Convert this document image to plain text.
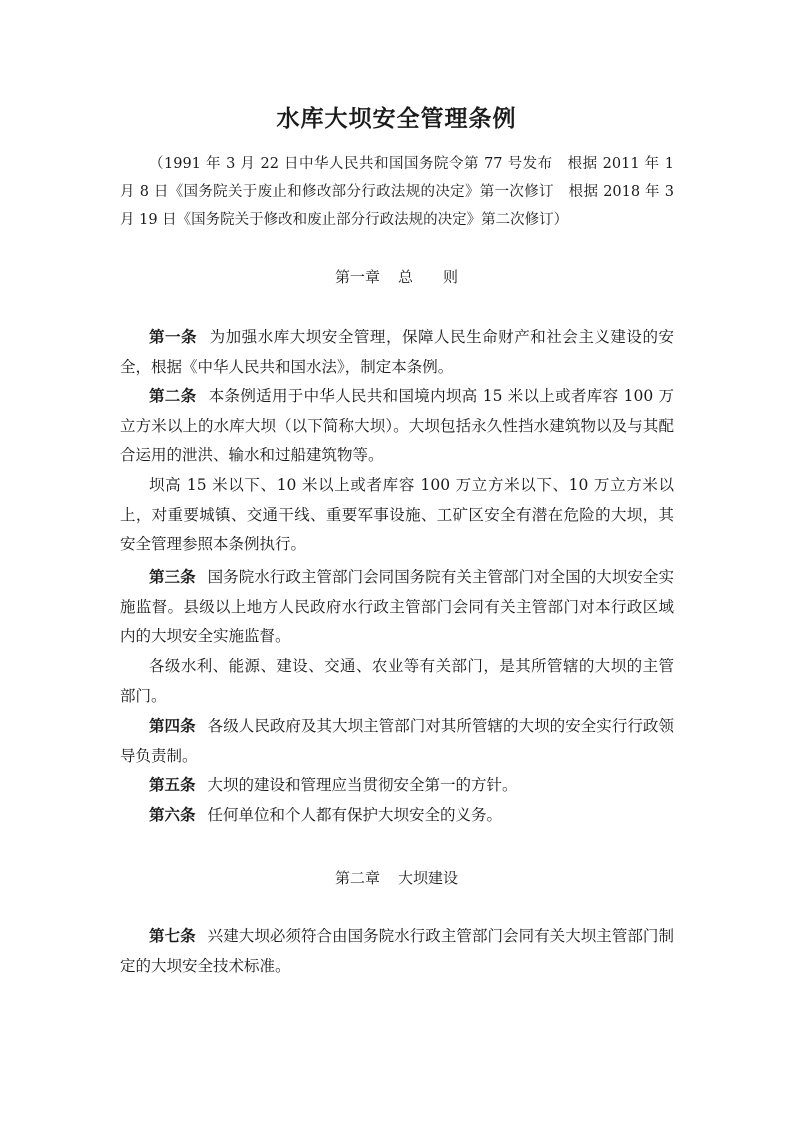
水库大坝安全管理条例

（1991 年 3 月 22 日中华人民共和国国务院令第 77 号发布　根据 2011 年 1 月 8 日《国务院关于废止和修改部分行政法规的决定》第一次修订　根据 2018 年 3 月 19 日《国务院关于修改和废止部分行政法规的决定》第二次修订）

第一章 总　　则

第一条 为加强水库大坝安全管理，保障人民生命财产和社会主义建设的安全，根据《中华人民共和国水法》，制定本条例。

第二条 本条例适用于中华人民共和国境内坝高 15 米以上或者库容 100 万立方米以上的水库大坝（以下简称大坝）。大坝包括永久性挡水建筑物以及与其配合运用的泄洪、输水和过船建筑物等。

坝高 15 米以下、10 米以上或者库容 100 万立方米以下、10 万立方米以上，对重要城镇、交通干线、重要军事设施、工矿区安全有潜在危险的大坝，其安全管理参照本条例执行。

第三条 国务院水行政主管部门会同国务院有关主管部门对全国的大坝安全实施监督。县级以上地方人民政府水行政主管部门会同有关主管部门对本行政区域内的大坝安全实施监督。

各级水利、能源、建设、交通、农业等有关部门，是其所管辖的大坝的主管部门。

第四条 各级人民政府及其大坝主管部门对其所管辖的大坝的安全实行行政领导负责制。

第五条 大坝的建设和管理应当贯彻安全第一的方针。

第六条 任何单位和个人都有保护大坝安全的义务。

第二章 大坝建设

第七条 兴建大坝必须符合由国务院水行政主管部门会同有关大坝主管部门制定的大坝安全技术标准。
